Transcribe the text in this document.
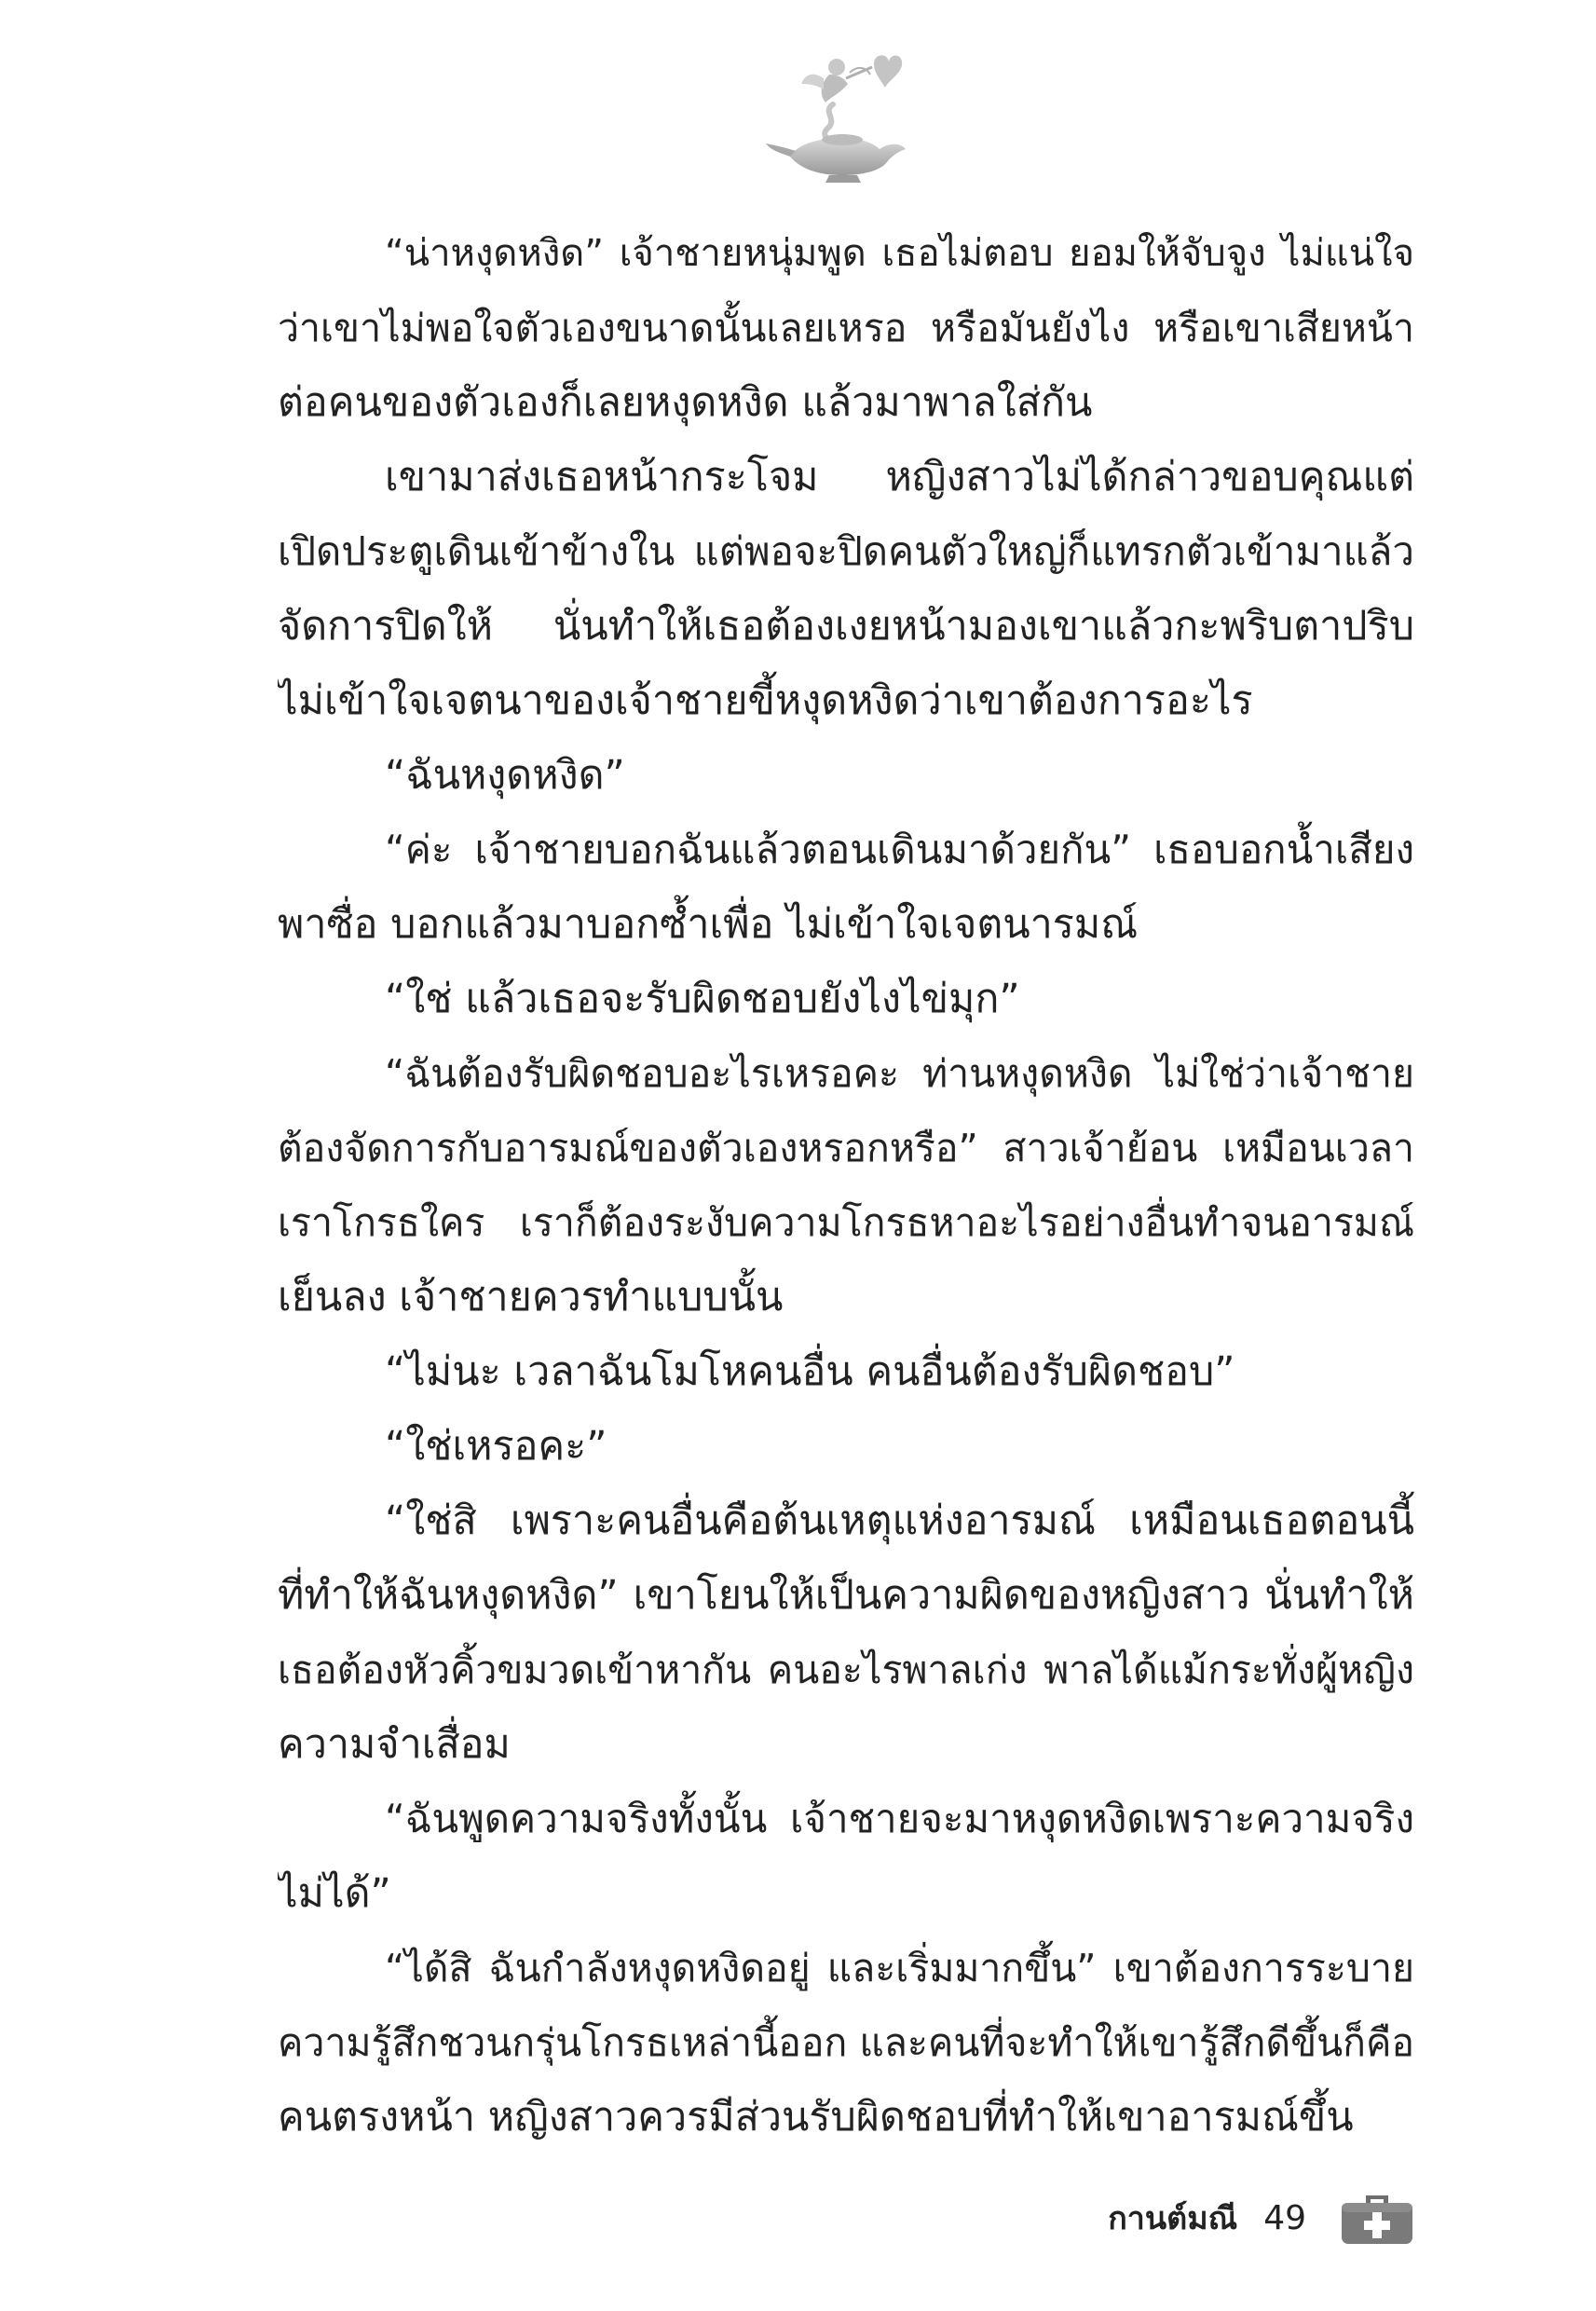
“น่าหงุดหงิด” เจ้าชายหนุ่มพูด เธอไม่ตอบ ยอมให้จับจูง ไม่แน่ใจ
ว่าเขาไม่พอใจตัวเองขนาดนั้นเลยเหรอ หรือมันยังไง หรือเขาเสียหน้า
ต่อคนของตัวเองก็เลยหงุดหงิด แล้วมาพาลใส่กัน
เขามาส่งเธอหน้ากระโจม หญิงสาวไม่ได้กล่าวขอบคุณแต่
เปิดประตูเดินเข้าข้างใน แต่พอจะปิดคนตัวใหญ่ก็แทรกตัวเข้ามาแล้ว
จัดการปิดให้ นั่นทำให้เธอต้องเงยหน้ามองเขาแล้วกะพริบตาปริบ
ไม่เข้าใจเจตนาของเจ้าชายขี้หงุดหงิดว่าเขาต้องการอะไร
“ฉันหงุดหงิด”
“ค่ะ เจ้าชายบอกฉันแล้วตอนเดินมาด้วยกัน” เธอบอกน้ำเสียง
พาซื่อ บอกแล้วมาบอกซ้ำเพื่อ ไม่เข้าใจเจตนารมณ์
“ใช่ แล้วเธอจะรับผิดชอบยังไงไข่มุก”
“ฉันต้องรับผิดชอบอะไรเหรอคะ ท่านหงุดหงิด ไม่ใช่ว่าเจ้าชาย
ต้องจัดการกับอารมณ์ของตัวเองหรอกหรือ” สาวเจ้าย้อน เหมือนเวลา
เราโกรธใคร เราก็ต้องระงับความโกรธหาอะไรอย่างอื่นทำจนอารมณ์
เย็นลง เจ้าชายควรทำแบบนั้น
“ไม่นะ เวลาฉันโมโหคนอื่น คนอื่นต้องรับผิดชอบ”
“ใช่เหรอคะ”
“ใช่สิ เพราะคนอื่นคือต้นเหตุแห่งอารมณ์ เหมือนเธอตอนนี้
ที่ทำให้ฉันหงุดหงิด” เขาโยนให้เป็นความผิดของหญิงสาว นั่นทำให้
เธอต้องหัวคิ้วขมวดเข้าหากัน คนอะไรพาลเก่ง พาลได้แม้กระทั่งผู้หญิง
ความจำเสื่อม
“ฉันพูดความจริงทั้งนั้น เจ้าชายจะมาหงุดหงิดเพราะความจริง
ไม่ได้”
“ได้สิ ฉันกำลังหงุดหงิดอยู่ และเริ่มมากขึ้น” เขาต้องการระบาย
ความรู้สึกชวนกรุ่นโกรธเหล่านี้ออก และคนที่จะทำให้เขารู้สึกดีขึ้นก็คือ
คนตรงหน้า หญิงสาวควรมีส่วนรับผิดชอบที่ทำให้เขาอารมณ์ขึ้น
กานต์มณี 49
